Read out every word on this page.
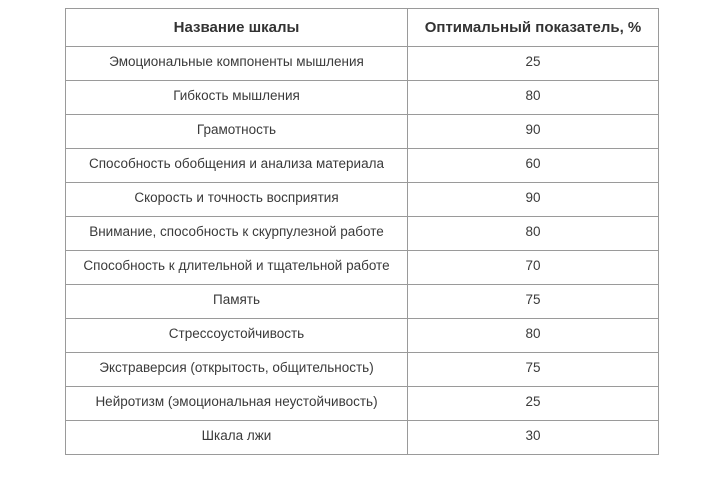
Название шкалы	Оптимальный показатель, %
Эмоциональные компоненты мышления	25
Гибкость мышления	80
Грамотность	90
Способность обобщения и анализа материала	60
Скорость и точность восприятия	90
Внимание, способность к скурпулезной работе	80
Способность к длительной и тщательной работе	70
Память	75
Стрессоустойчивость	80
Экстраверсия (открытость, общительность)	75
Нейротизм (эмоциональная неустойчивость)	25
Шкала лжи	30
